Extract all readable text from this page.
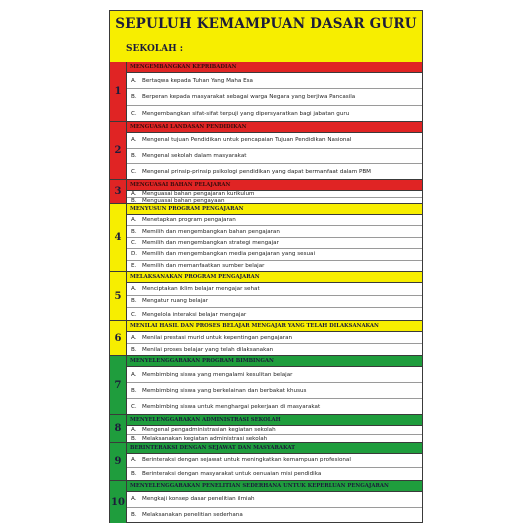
SEPULUH KEMAMPUAN DASAR GURU
SEKOLAH :
1
MENGEMBANGKAN KEPRIBADIAN
A. Bertaqwa kepada Tuhan Yang Maha Esa
B. Berperan kepada masyarakat sebagai warga Negara yang berjiwa Pancasila
C. Mengembangkan sifat-sifat terpuji yang dipersyaratkan bagi jabatan guru
2
MENGUASAI LANDASAN PENDIDIKAN
A. Mengenal tujuan Pendidikan untuk pencapaian Tujuan Pendidikan Nasional
B. Mengenal sekolah dalam masyarakat
C. Mengenal prinsip-prinsip psikologi pendidikan yang dapat bermanfaat dalam PBM
3
MENGUASAI BAHAN PELAJARAN
A. Menguasai bahan pengajaran kurikulum
B. Menguasai bahan pengayaan
4
MENYUSUN PROGRAM PENGAJARAN
A. Menetapkan program pengajaran
B. Memilih dan mengembangkan bahan pengajaran
C. Memilih dan mengembangkan strategi mengajar
D. Memilih dan mengembangkan media pengajaran yang sesuai
E.	Memilih dan memanfaatkan sumber belajar
5
MELAKSANAKAN PROGRAM PENGAJARAN
A. Menciptakan iklim belajar mengajar sehat
B. Mengatur ruang belajar
C. Mengelola interaksi belajar mengajar
6
MENILAI HASIL DAN PROSES BELAJAR MENGAJAR YANG TELAH DILAKSANAKAN
A. Menilai prestasi murid untuk kepentingan pengajaran
B. Menilai proses belajar yang telah dilaksanakan
7
MENYELENGGARAKAN PROGRAM BIMBINGAN
A. Membimbing siswa yang mengalami kesulitan belajar
B. Membimbing siswa yang berkelainan dan berbakat khusus
C. Membimbing siswa untuk menghargai pekerjaan di masyarakat
8
MENYELENGGARAKAN ADMINISTRASI SEKOLAH
A. Mengenal pengadministrasian kegiatan sekolah
B. Melaksanakan kegiatan administrasi sekolah
9
BERINTERAKSI DENGAN SEJAWAT DAN MASYARAKAT
A. Berinteraksi dengan sejawat untuk meningkatkan kemampuan profesional
B. Berinteraksi dengan masyarakat untuk oenuaian misi pendidika
10
MENYELENGGARAKAN PENELITIAN SEDERHANA UNTUK KEPERLUAN PENGAJARAN
A. Mengkaji konsep dasar penelitian ilmiah
B. Melaksanakan penelitian sederhana
